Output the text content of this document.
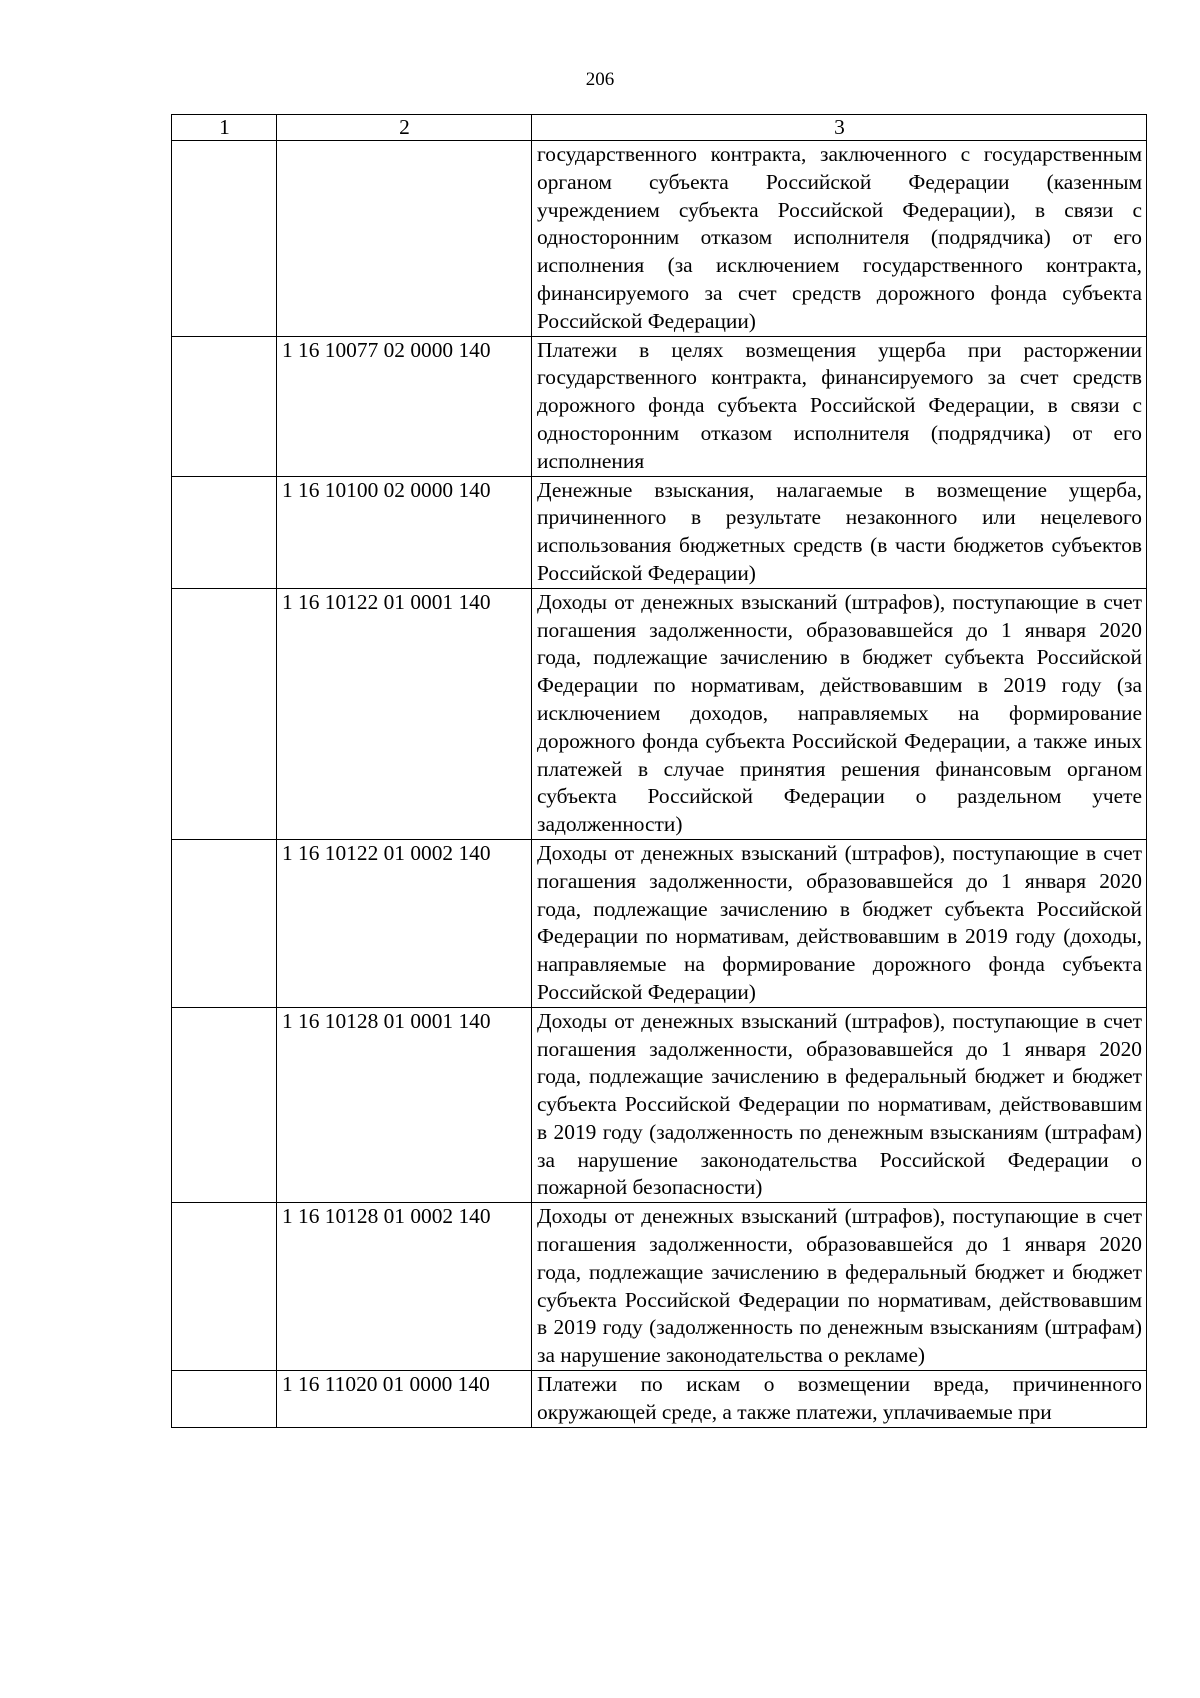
206
1	2	3
		государственного контракта, заключенного с государственным органом субъекта Российской Федерации (казенным учреждением субъекта Российской Федерации), в связи с односторонним отказом исполнителя (подрядчика) от его исполнения (за исключением государственного контракта, финансируемого за счет средств дорожного фонда субъекта Российской Федерации)
	1 16 10077 02 0000 140	Платежи в целях возмещения ущерба при расторжении государственного контракта, финансируемого за счет средств дорожного фонда субъекта Российской Федерации, в связи с односторонним отказом исполнителя (подрядчика) от его исполнения
	1 16 10100 02 0000 140	Денежные взыскания, налагаемые в возмещение ущерба, причиненного в результате незаконного или нецелевого использования бюджетных средств (в части бюджетов субъектов Российской Федерации)
	1 16 10122 01 0001 140	Доходы от денежных взысканий (штрафов), поступающие в счет погашения задолженности, образовавшейся до 1 января 2020 года, подлежащие зачислению в бюджет субъекта Российской Федерации по нормативам, действовавшим в 2019 году (за исключением доходов, направляемых на формирование дорожного фонда субъекта Российской Федерации, а также иных платежей в случае принятия решения финансовым органом субъекта Российской Федерации о раздельном учете задолженности)
	1 16 10122 01 0002 140	Доходы от денежных взысканий (штрафов), поступающие в счет погашения задолженности, образовавшейся до 1 января 2020 года, подлежащие зачислению в бюджет субъекта Российской Федерации по нормативам, действовавшим в 2019 году (доходы, направляемые на формирование дорожного фонда субъекта Российской Федерации)
	1 16 10128 01 0001 140	Доходы от денежных взысканий (штрафов), поступающие в счет погашения задолженности, образовавшейся до 1 января 2020 года, подлежащие зачислению в федеральный бюджет и бюджет субъекта Российской Федерации по нормативам, действовавшим в 2019 году (задолженность по денежным взысканиям (штрафам) за нарушение законодательства Российской Федерации о пожарной безопасности)
	1 16 10128 01 0002 140	Доходы от денежных взысканий (штрафов), поступающие в счет погашения задолженности, образовавшейся до 1 января 2020 года, подлежащие зачислению в федеральный бюджет и бюджет субъекта Российской Федерации по нормативам, действовавшим в 2019 году (задолженность по денежным взысканиям (штрафам) за нарушение законодательства о рекламе)
	1 16 11020 01 0000 140	Платежи по искам о возмещении вреда, причиненного окружающей среде, а также платежи, уплачиваемые при
